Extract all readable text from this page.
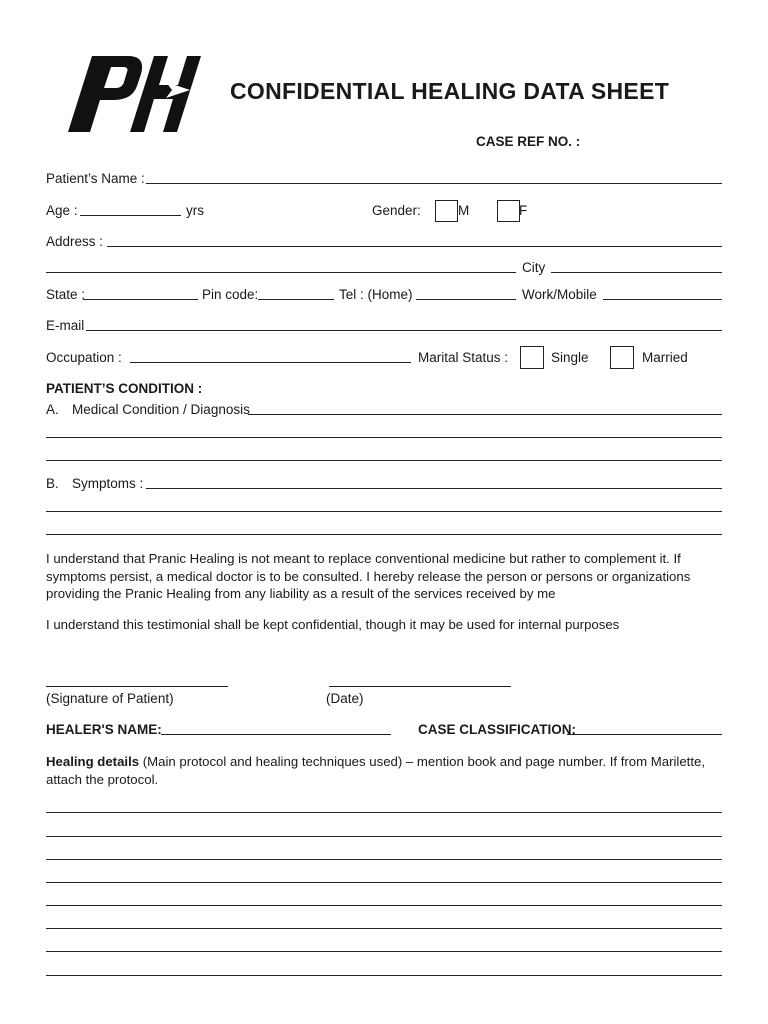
CONFIDENTIAL HEALING DATA SHEET
CASE REF NO. :
Patient’s Name :
Age :	yrs	Gender:	M	F
Address :
City
State :	Pin code:	Tel : (Home)	Work/Mobile
E-mail
Occupation :	Marital Status :	Single	Married
PATIENT’S CONDITION :
A. Medical Condition / Diagnosis
B. Symptoms :
I understand that Pranic Healing is not meant to replace conventional medicine but rather to complement it. If symptoms persist, a medical doctor is to be consulted. I hereby release the person or persons or organizations providing the Pranic Healing from any liability as a result of the services received by me
I understand this testimonial shall be kept confidential, though it may be used for internal purposes
(Signature of Patient)	(Date)
HEALER'S NAME:	CASE CLASSIFICATION:
Healing details (Main protocol and healing techniques used) – mention book and page number. If from Marilette, attach the protocol.
